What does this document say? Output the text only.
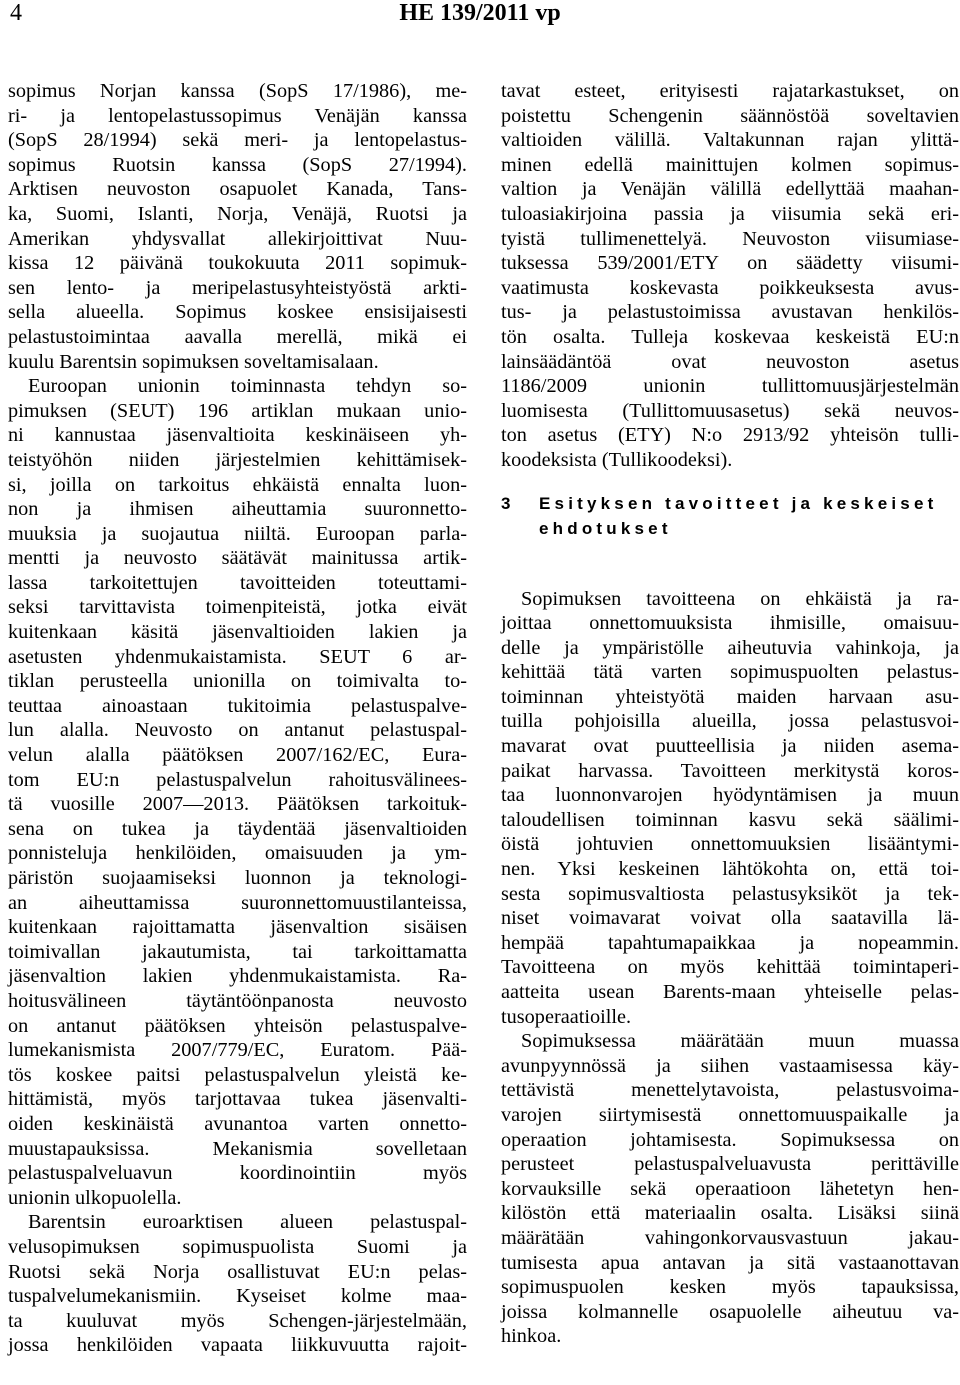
4	HE 139/2011 vp
sopimus Norjan kanssa (SopS 17/1986), me-
ri- ja lentopelastussopimus Venäjän kanssa
(SopS 28/1994) sekä meri- ja lentopelastus-
sopimus Ruotsin kanssa (SopS 27/1994).
Arktisen neuvoston osapuolet Kanada, Tans-
ka, Suomi, Islanti, Norja, Venäjä, Ruotsi ja
Amerikan yhdysvallat allekirjoittivat Nuu-
kissa 12 päivänä toukokuuta 2011 sopimuk-
sen lento- ja meripelastusyhteistyöstä arkti-
sella alueella. Sopimus koskee ensisijaisesti
pelastustoimintaa aavalla merellä, mikä ei
kuulu Barentsin sopimuksen soveltamisalaan.
Euroopan unionin toiminnasta tehdyn so-
pimuksen (SEUT) 196 artiklan mukaan unio-
ni kannustaa jäsenvaltioita keskinäiseen yh-
teistyöhön niiden järjestelmien kehittämisek-
si, joilla on tarkoitus ehkäistä ennalta luon-
non ja ihmisen aiheuttamia suuronnetto-
muuksia ja suojautua niiltä. Euroopan parla-
mentti ja neuvosto säätävät mainitussa artik-
lassa tarkoitettujen tavoitteiden toteuttami-
seksi tarvittavista toimenpiteistä, jotka eivät
kuitenkaan käsitä jäsenvaltioiden lakien ja
asetusten yhdenmukaistamista. SEUT 6 ar-
tiklan perusteella unionilla on toimivalta to-
teuttaa ainoastaan tukitoimia pelastuspalve-
lun alalla. Neuvosto on antanut pelastuspal-
velun alalla päätöksen 2007/162/EC, Eura-
tom EU:n pelastuspalvelun rahoitusvälinees-
tä vuosille 2007—2013. Päätöksen tarkoituk-
sena on tukea ja täydentää jäsenvaltioiden
ponnisteluja henkilöiden, omaisuuden ja ym-
päristön suojaamiseksi luonnon ja teknologi-
an aiheuttamissa suuronnettomuustilanteissa,
kuitenkaan rajoittamatta jäsenvaltion sisäisen
toimivallan jakautumista, tai tarkoittamatta
jäsenvaltion lakien yhdenmukaistamista. Ra-
hoitusvälineen täytäntöönpanosta neuvosto
on antanut päätöksen yhteisön pelastuspalve-
lumekanismista 2007/779/EC, Euratom. Pää-
tös koskee paitsi pelastuspalvelun yleistä ke-
hittämistä, myös tarjottavaa tukea jäsenvalti-
oiden keskinäistä avunantoa varten onnetto-
muustapauksissa. Mekanismia sovelletaan
pelastuspalveluavun koordinointiin myös
unionin ulkopuolella.
Barentsin euroarktisen alueen pelastuspal-
velusopimuksen sopimuspuolista Suomi ja
Ruotsi sekä Norja osallistuvat EU:n pelas-
tuspalvelumekanismiin. Kyseiset kolme maa-
ta kuuluvat myös Schengen-järjestelmään,
jossa henkilöiden vapaata liikkuvuutta rajoit-
tavat esteet, erityisesti rajatarkastukset, on
poistettu Schengenin säännöstöä soveltavien
valtioiden välillä. Valtakunnan rajan ylittä-
minen edellä mainittujen kolmen sopimus-
valtion ja Venäjän välillä edellyttää maahan-
tuloasiakirjoina passia ja viisumia sekä eri-
tyistä tullimenettelyä. Neuvoston viisumiase-
tuksessa 539/2001/ETY on säädetty viisumi-
vaatimusta koskevasta poikkeuksesta avus-
tus- ja pelastustoimissa avustavan henkilös-
tön osalta. Tulleja koskevaa keskeistä EU:n
lainsäädäntöä ovat neuvoston asetus
1186/2009 unionin tullittomuusjärjestelmän
luomisesta (Tullittomuusasetus) sekä neuvos-
ton asetus (ETY) N:o 2913/92 yhteisön tulli-
koodeksista (Tullikoodeksi).
3 Esityksen tavoitteet ja keskeiset
ehdotukset
Sopimuksen tavoitteena on ehkäistä ja ra-
joittaa onnettomuuksista ihmisille, omaisuu-
delle ja ympäristölle aiheutuvia vahinkoja, ja
kehittää tätä varten sopimuspuolten pelastus-
toiminnan yhteistyötä maiden harvaan asu-
tuilla pohjoisilla alueilla, jossa pelastusvoi-
mavarat ovat puutteellisia ja niiden asema-
paikat harvassa. Tavoitteen merkitystä koros-
taa luonnonvarojen hyödyntämisen ja muun
taloudellisen toiminnan kasvu sekä säälimi-
öistä johtuvien onnettomuuksien lisääntymi-
nen. Yksi keskeinen lähtökohta on, että toi-
sesta sopimusvaltiosta pelastusyksiköt ja tek-
niset voimavarat voivat olla saatavilla lä-
hempää tapahtumapaikkaa ja nopeammin.
Tavoitteena on myös kehittää toimintaperi-
aatteita usean Barents-maan yhteiselle pelas-
tusoperaatioille.
Sopimuksessa määrätään muun muassa
avunpyynnössä ja siihen vastaamisessa käy-
tettävistä menettelytavoista, pelastusvoima-
varojen siirtymisestä onnettomuuspaikalle ja
operaation johtamisesta. Sopimuksessa on
perusteet pelastuspalveluavusta perittäville
korvauksille sekä operaatioon lähetetyn hen-
kilöstön että materiaalin osalta. Lisäksi siinä
määrätään vahingonkorvausvastuun jakau-
tumisesta apua antavan ja sitä vastaanottavan
sopimuspuolen kesken myös tapauksissa,
joissa kolmannelle osapuolelle aiheutuu va-
hinkoa.
